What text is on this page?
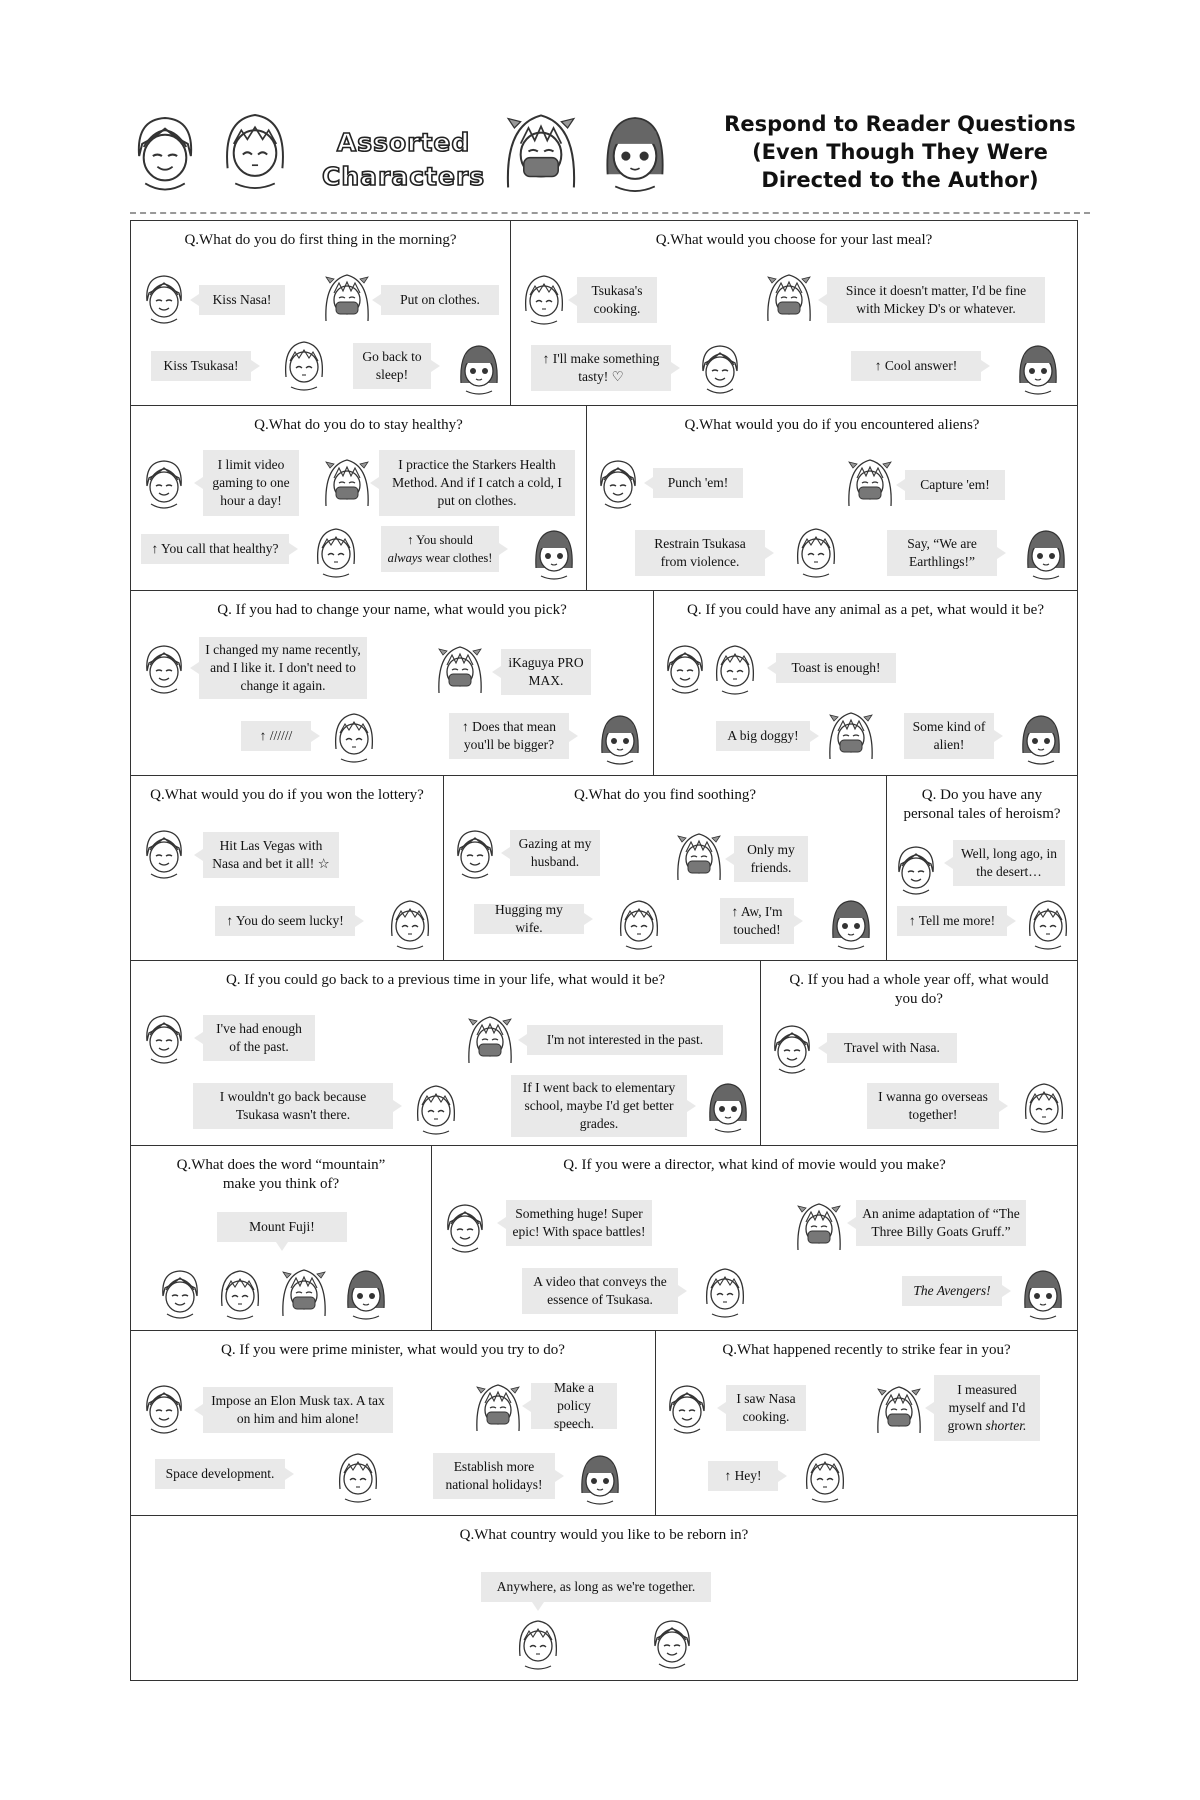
Assorted
Characters
Respond to Reader Questions
(Even Though They Were
Directed to the Author)
Q.What do you do first thing in the morning?
Kiss Nasa!	Put on clothes.
Kiss Tsukasa!
Go back to sleep!
Q.What would you choose for your last meal?
Tsukasa's cooking.
Since it doesn't matter, I'd be fine with Mickey D's or whatever.
↑ I'll make something tasty! ♡
↑ Cool answer!
Q.What do you do to stay healthy?
I limit video gaming to one hour a day!
I practice the Starkers Health Method. And if I catch a cold, I put on clothes.
↑ You call that healthy?
↑ You should
always wear clothes!
Q.What would you do if you encountered aliens?
Punch 'em!	Capture 'em!
Restrain Tsukasa from violence.
Say, “We are Earthlings!”
Q. If you had to change your name, what would you pick?
I changed my name recently, and I like it. I don't need to change it again.
iKaguya PRO MAX.
↑ //////
↑ Does that mean you'll be bigger?
Q. If you could have any animal as a pet, what would it be?
Toast is enough!
A big doggy!
Some kind of alien!
Q.What would you do if you won the lottery?
Hit Las Vegas with Nasa and bet it all! ☆
↑ You do seem lucky!
Q.What do you find soothing?
Gazing at my husband.
Only my friends.
Hugging my wife.
↑ Aw, I'm touched!
Q. Do you have any personal tales of heroism?
Well, long ago, in the desert…
↑ Tell me more!
Q. If you could go back to a previous time in your life, what would it be?
I've had enough of the past.	I'm not interested in the past.
I wouldn't go back because Tsukasa wasn't there.
If I went back to elementary school, maybe I'd get better grades.
Q. If you had a whole year off, what would you do?
Travel with Nasa.
I wanna go overseas together!
Q.What does the word “mountain” make you think of?
Mount Fuji!
Q. If you were a director, what kind of movie would you make?
Something huge! Super epic! With space battles!
An anime adaptation of “The Three Billy Goats Gruff.”
A video that conveys the essence of Tsukasa.
The Avengers!
Q. If you were prime minister, what would you try to do?
Impose an Elon Musk tax. A tax on him and him alone!
Make a policy speech.
Space development.	Establish more national holidays!
Q.What happened recently to strike fear in you?
I saw Nasa cooking.
I measured myself and I'd grown shorter.
↑ Hey!
Q.What country would you like to be reborn in?
Anywhere, as long as we're together.
